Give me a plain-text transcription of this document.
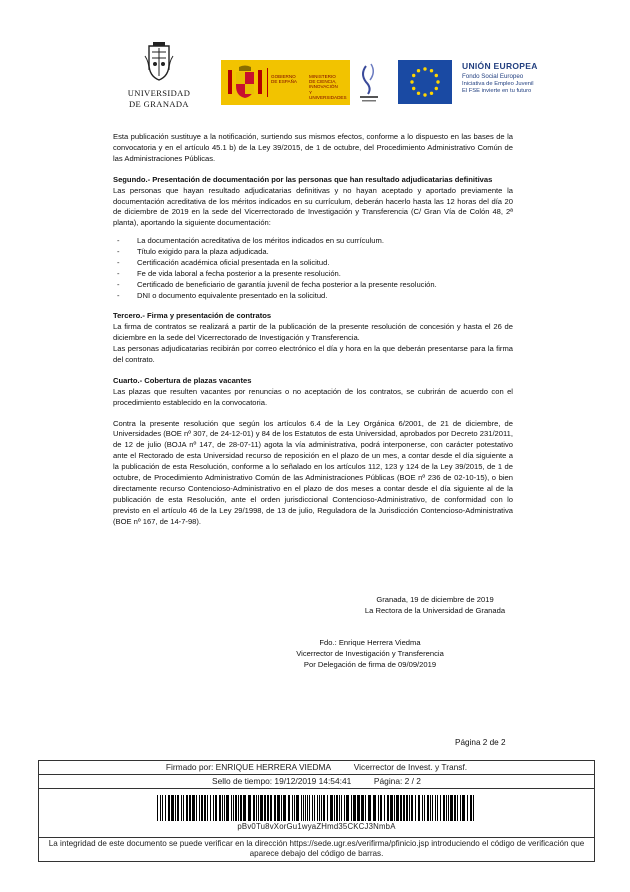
UNIVERSIDAD
DE GRANADA
GOBIERNO
DE ESPAÑA
MINISTERIO
DE CIENCIA, INNOVACIÓN
Y UNIVERSIDADES
UNIÓN EUROPEA
Fondo Social Europeo
Iniciativa de Empleo Juvenil
El FSE invierte en tu futuro

Esta publicación sustituye a la notificación, surtiendo sus mismos efectos, conforme a lo dispuesto en las bases de la convocatoria y en el artículo 45.1 b) de la Ley 39/2015, de 1 de octubre, del Procedimiento Administrativo Común de las Administraciones Públicas.

Segundo.- Presentación de documentación por las personas que han resultado adjudicatarias definitivas

Las personas que hayan resultado adjudicatarias definitivas y no hayan aceptado y aportado previamente la documentación acreditativa de los méritos indicados en su currículum, deberán hacerlo hasta las 12 horas del día 20 de diciembre de 2019 en la sede del Vicerrectorado de Investigación y Transferencia (C/ Gran Vía de Colón 48, 2ª planta), aportando la siguiente documentación:

- La documentación acreditativa de los méritos indicados en su currículum.
- Título exigido para la plaza adjudicada.
- Certificación académica oficial presentada en la solicitud.
- Fe de vida laboral a fecha posterior a la presente resolución.
- Certificado de beneficiario de garantía juvenil de fecha posterior a la presente resolución.
- DNI o documento equivalente presentado en la solicitud.

Tercero.- Firma y presentación de contratos

La firma de contratos se realizará a partir de la publicación de la presente resolución de concesión y hasta el 26 de diciembre en la sede del Vicerrectorado de Investigación y Transferencia.

Las personas adjudicatarias recibirán por correo electrónico el día y hora en la que deberán presentarse para la firma del contrato.

Cuarto.- Cobertura de plazas vacantes

Las plazas que resulten vacantes por renuncias o no aceptación de los contratos, se cubrirán de acuerdo con el procedimiento establecido en la convocatoria.

Contra la presente resolución que según los artículos 6.4 de la Ley Orgánica 6/2001, de 21 de diciembre, de Universidades (BOE nº 307, de 24-12-01) y 84 de los Estatutos de esta Universidad, aprobados por Decreto 231/2011, de 12 de julio (BOJA nº 147, de 28-07-11) agota la vía administrativa, podrá interponerse, con carácter potestativo ante el Rectorado de esta Universidad recurso de reposición en el plazo de un mes, a contar desde el día siguiente a la publicación de esta Resolución, conforme a lo señalado en los artículos 112, 123 y 124 de la Ley 39/2015, de 1 de octubre, de Procedimiento Administrativo Común de las Administraciones Públicas (BOE nº 236 de 02-10-15), o bien directamente recurso Contencioso-Administrativo en el plazo de dos meses a contar desde el día siguiente al de la publicación de esta Resolución, ante el orden jurisdiccional Contencioso-Administrativo, de conformidad con lo previsto en el artículo 46 de la Ley 29/1998, de 13 de julio, Reguladora de la Jurisdicción Contencioso-Administrativa (BOE nº 167, de 14-7-98).

Granada, 19 de diciembre de 2019
La Rectora de la Universidad de Granada
Fdo.: Enrique Herrera Viedma
Vicerrector de Investigación y Transferencia
Por Delegación de firma de 09/09/2019
Página 2 de 2
Firmado por: ENRIQUE HERRERA VIEDMA	Vicerrector de Invest. y Transf.
Sello de tiempo: 19/12/2019 14:54:41	Página: 2 / 2
pBv0Tu8vXorGu1wyaZHmd35CKCJ3NmbA
La integridad de este documento se puede verificar en la dirección https://sede.ugr.es/verifirma/pfinicio.jsp introduciendo el código de verificación que aparece debajo del código de barras.
